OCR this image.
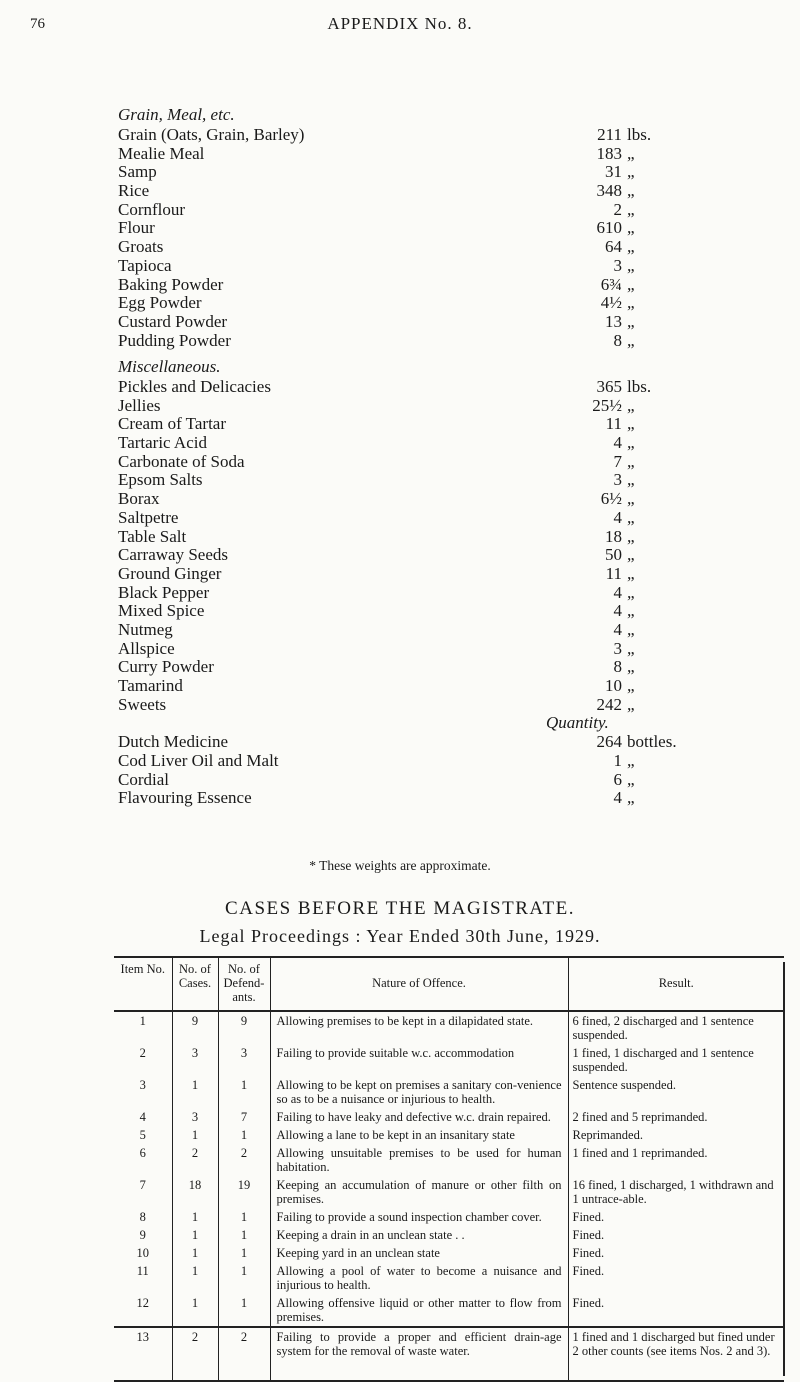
76	APPENDIX No. 8.
Grain, Meal, etc.
Grain (Oats, Grain, Barley)	211 lbs.
Mealie Meal	183 „
Samp	31 „
Rice	348 „
Cornflour	2 „
Flour	610 „
Groats	64 „
Tapioca	3 „
Baking Powder	6¾ „
Egg Powder	4½ „
Custard Powder	13 „
Pudding Powder	8 „
Miscellaneous.
Pickles and Delicacies	365 lbs.
Jellies	25½ „
Cream of Tartar	11 „
Tartaric Acid	4 „
Carbonate of Soda	7 „
Epsom Salts	3 „
Borax	6½ „
Saltpetre	4 „
Table Salt	18 „
Carraway Seeds	50 „
Ground Ginger	11 „
Black Pepper	4 „
Mixed Spice	4 „
Nutmeg	4 „
Allspice	3 „
Curry Powder	8 „
Tamarind	10 „
Sweets	242 „
Quantity.
Dutch Medicine	264 bottles.
Cod Liver Oil and Malt	1 „
Cordial	6 „
Flavouring Essence	4 „
* These weights are approximate.
CASES BEFORE THE MAGISTRATE.
Legal Proceedings : Year Ended 30th June, 1929.
Item No.	No. of Cases.	No. of Defend-ants.	Nature of Offence.	Result.
1	9	9	Allowing premises to be kept in a dilapidated state.	6 fined, 2 discharged and 1 sentence suspended.
2	3	3	Failing to provide suitable w.c. accommodation	1 fined, 1 discharged and 1 sentence suspended.
3	1	1	Allowing to be kept on premises a sanitary con-venience so as to be a nuisance or injurious to health.	Sentence suspended.
4	3	7	Failing to have leaky and defective w.c. drain repaired.	2 fined and 5 reprimanded.
5	1	1	Allowing a lane to be kept in an insanitary state	Reprimanded.
6	2	2	Allowing unsuitable premises to be used for human habitation.	1 fined and 1 reprimanded.
7	18	19	Keeping an accumulation of manure or other filth on premises.	16 fined, 1 discharged, 1 withdrawn and 1 untrace-able.
8	1	1	Failing to provide a sound inspection chamber cover.	Fined.
9	1	1	Keeping a drain in an unclean state . .	Fined.
10	1	1	Keeping yard in an unclean state	Fined.
11	1	1	Allowing a pool of water to become a nuisance and injurious to health.	Fined.
12	1	1	Allowing offensive liquid or other matter to flow from premises.	Fined.
13	2	2	Failing to provide a proper and efficient drain-age system for the removal of waste water.	1 fined and 1 discharged but fined under 2 other counts (see items Nos. 2 and 3).
